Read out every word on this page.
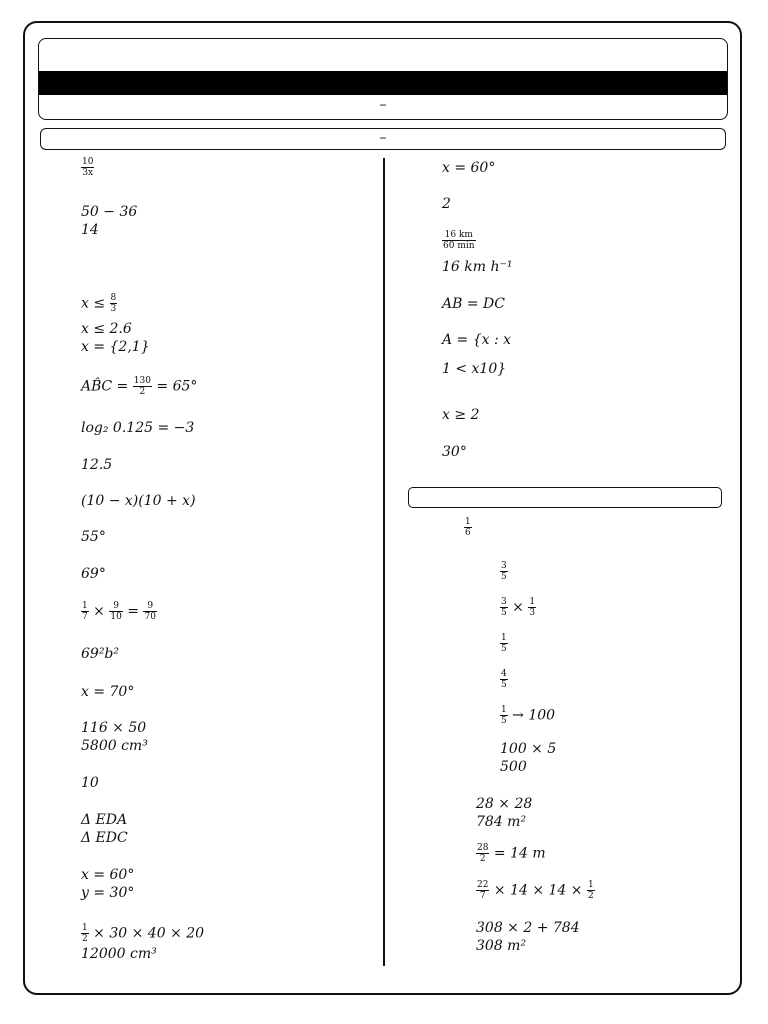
–
–
$\frac{10}{3x}$
50 − 36
14
$x \le \frac{8}{3}$
x ≤ 2.6
x = {2,1}
AB̂C = $\frac{130}{2} = 65^\circ$
log₂ 0.125 = −3
12.5
(10 − x)(10 + x)
55°
69°
$\frac{1}{7} \times \frac{9}{10} = \frac{9}{70}$
69²b²
x = 70°
116 × 50
5800 cm³
10
Δ EDA
Δ EDC
x = 60°
y = 30°
$\frac{1}{2} \times 30 \times 40 \times 20$
12000 cm³
x = 60°
2
$\frac{16 km}{60 \min}$
16 km h⁻¹
AB = DC
A = {x : x
1 < x10}
x ≥ 2
30°
$\frac{1}{6}$
$\frac{3}{5}$
$\frac{3}{5} \times \frac{1}{3}$
$\frac{1}{5}$
$\frac{4}{5}$
$\frac{1}{5} \to 100$
100 × 5
500
28 × 28
784 m²
$\frac{28}{2} = 14$ m
$\frac{22}{7} \times 14 \times 14 \times \frac{1}{2}$
308 × 2 + 784
308 m²
